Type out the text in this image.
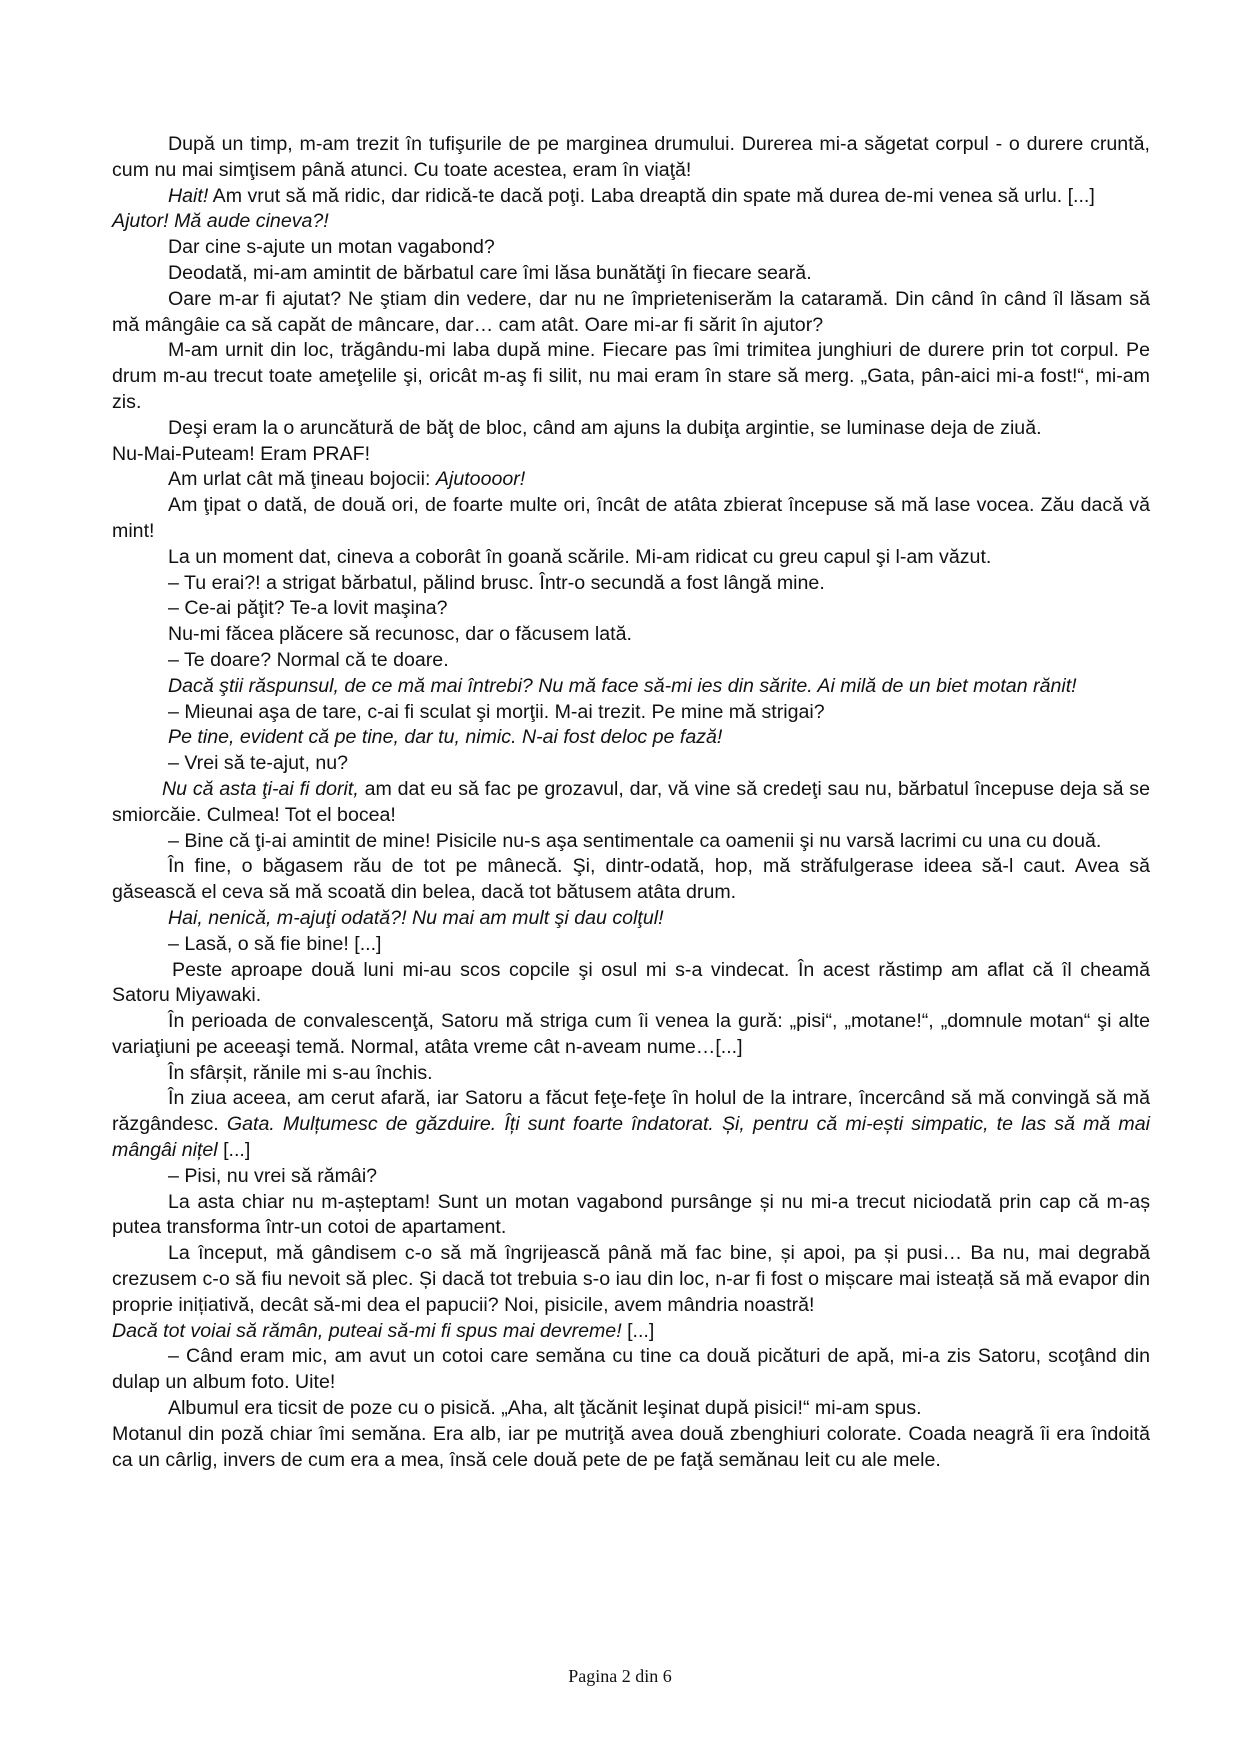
După un timp, m-am trezit în tufişurile de pe marginea drumului. Durerea mi-a săgetat corpul - o durere cruntă, cum nu mai simţisem până atunci. Cu toate acestea, eram în viaţă!

Hait! Am vrut să mă ridic, dar ridică-te dacă poţi. Laba dreaptă din spate mă durea de-mi venea să urlu. [...]

Ajutor! Mă aude cineva?!

Dar cine s-ajute un motan vagabond?

Deodată, mi-am amintit de bărbatul care îmi lăsa bunătăţi în fiecare seară.

Oare m-ar fi ajutat? Ne ştiam din vedere, dar nu ne împrieteniserăm la cataramă. Din când în când îl lăsam să mă mângâie ca să capăt de mâncare, dar… cam atât. Oare mi-ar fi sărit în ajutor?

M-am urnit din loc, trăgându-mi laba după mine. Fiecare pas îmi trimitea junghiuri de durere prin tot corpul. Pe drum m-au trecut toate ameţelile şi, oricât m-aş fi silit, nu mai eram în stare să merg. „Gata, pân-aici mi-a fost!“, mi-am zis.

Deşi eram la o aruncătură de băţ de bloc, când am ajuns la dubiţa argintie, se luminase deja de ziuă.

Nu-Mai-Puteam! Eram PRAF!

Am urlat cât mă ţineau bojocii: Ajutoooor!

Am ţipat o dată, de două ori, de foarte multe ori, încât de atâta zbierat începuse să mă lase vocea. Zău dacă vă mint!

La un moment dat, cineva a coborât în goană scările. Mi-am ridicat cu greu capul şi l-am văzut.

– Tu erai?! a strigat bărbatul, pălind brusc. Într-o secundă a fost lângă mine.

– Ce-ai păţit? Te-a lovit maşina?

Nu-mi făcea plăcere să recunosc, dar o făcusem lată.

– Te doare? Normal că te doare.

Dacă ştii răspunsul, de ce mă mai întrebi? Nu mă face să-mi ies din sărite. Ai milă de un biet motan rănit!

– Mieunai aşa de tare, c-ai fi sculat şi morţii. M-ai trezit. Pe mine mă strigai?

Pe tine, evident că pe tine, dar tu, nimic. N-ai fost deloc pe fază!

– Vrei să te-ajut, nu?

Nu că asta ţi-ai fi dorit, am dat eu să fac pe grozavul, dar, vă vine să credeţi sau nu, bărbatul începuse deja să se smiorcăie. Culmea! Tot el bocea!

– Bine că ţi-ai amintit de mine! Pisicile nu-s aşa sentimentale ca oamenii şi nu varsă lacrimi cu una cu două.

În fine, o băgasem rău de tot pe mânecă. Şi, dintr-odată, hop, mă străfulgerase ideea să-l caut. Avea să găsească el ceva să mă scoată din belea, dacă tot bătusem atâta drum.

Hai, nenică, m-ajuţi odată?! Nu mai am mult şi dau colţul!

– Lasă, o să fie bine! [...]

Peste aproape două luni mi-au scos copcile şi osul mi s-a vindecat. În acest răstimp am aflat că îl cheamă Satoru Miyawaki.

În perioada de convalescenţă, Satoru mă striga cum îi venea la gură: „pisi“, „motane!“, „domnule motan“ şi alte variaţiuni pe aceeaşi temă. Normal, atâta vreme cât n-aveam nume…[...]

În sfârșit, rănile mi s-au închis.

În ziua aceea, am cerut afară, iar Satoru a făcut feţe-feţe în holul de la intrare, încercând să mă convingă să mă răzgândesc. Gata. Mulțumesc de găzduire. Îți sunt foarte îndatorat. Și, pentru că mi-ești simpatic, te las să mă mai mângâi nițel [...]

– Pisi, nu vrei să rămâi?

La asta chiar nu m-așteptam! Sunt un motan vagabond pursânge și nu mi-a trecut niciodată prin cap că m-aș putea transforma într-un cotoi de apartament.

La început, mă gândisem c-o să mă îngrijească până mă fac bine, și apoi, pa și pusi… Ba nu, mai degrabă crezusem c-o să fiu nevoit să plec. Și dacă tot trebuia s-o iau din loc, n-ar fi fost o mișcare mai isteață să mă evapor din proprie inițiativă, decât să-mi dea el papucii? Noi, pisicile, avem mândria noastră!

Dacă tot voiai să rămân, puteai să-mi fi spus mai devreme! [...]

– Când eram mic, am avut un cotoi care semăna cu tine ca două picături de apă, mi-a zis Satoru, scoţând din dulap un album foto. Uite!

Albumul era ticsit de poze cu o pisică. „Aha, alt ţăcănit leşinat după pisici!“ mi-am spus.

Motanul din poză chiar îmi semăna. Era alb, iar pe mutriţă avea două zbenghiuri colorate. Coada neagră îi era îndoită ca un cârlig, invers de cum era a mea, însă cele două pete de pe faţă semănau leit cu ale mele.

Pagina 2 din 6
